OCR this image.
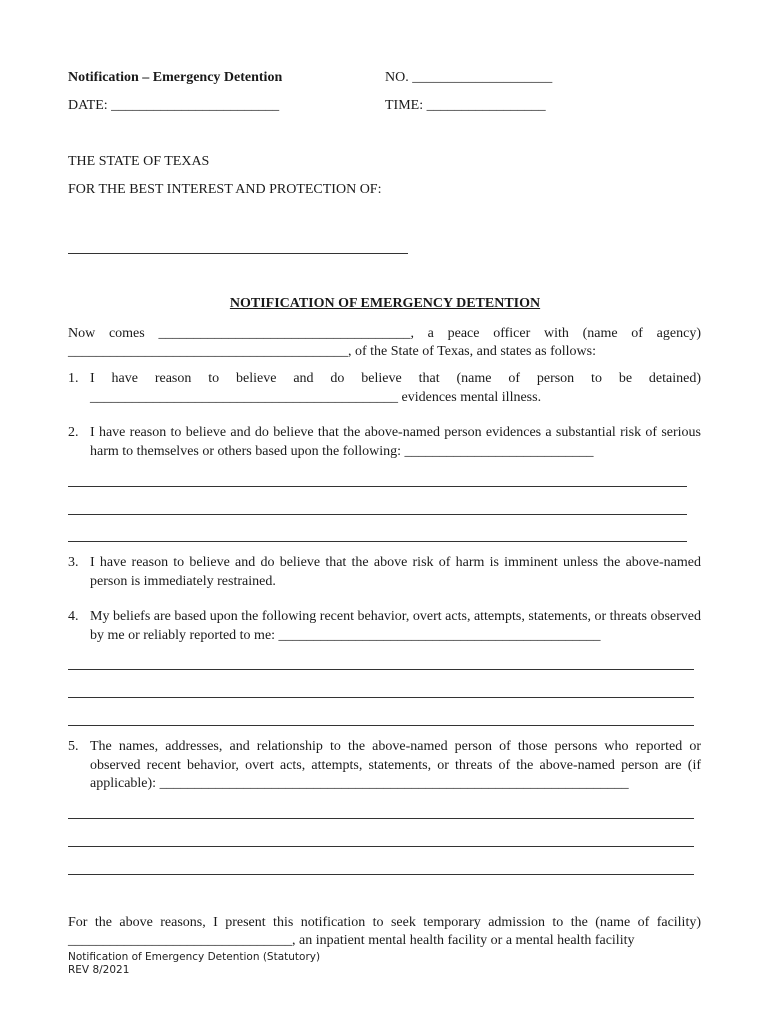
Notification – Emergency Detention	NO. ____________________
DATE: ________________________	TIME: _________________
THE STATE OF TEXAS
FOR THE BEST INTEREST AND PROTECTION OF:
NOTIFICATION OF EMERGENCY DETENTION
Now comes ____________________________________, a peace officer with (name of agency) ________________________________________, of the State of Texas, and states as follows:
1. I have reason to believe and do believe that (name of person to be detained) ____________________________________________ evidences mental illness.
2. I have reason to believe and do believe that the above-named person evidences a substantial risk of serious harm to themselves or others based upon the following: ___________________________
3. I have reason to believe and do believe that the above risk of harm is imminent unless the above-named person is immediately restrained.
4. My beliefs are based upon the following recent behavior, overt acts, attempts, statements, or threats observed by me or reliably reported to me: ______________________________________________
5. The names, addresses, and relationship to the above-named person of those persons who reported or observed recent behavior, overt acts, attempts, statements, or threats of the above-named person are (if applicable): ___________________________________________________________________
For the above reasons, I present this notification to seek temporary admission to the (name of facility) ________________________________, an inpatient mental health facility or a mental health facility
Notification of Emergency Detention (Statutory)
REV 8/2021
